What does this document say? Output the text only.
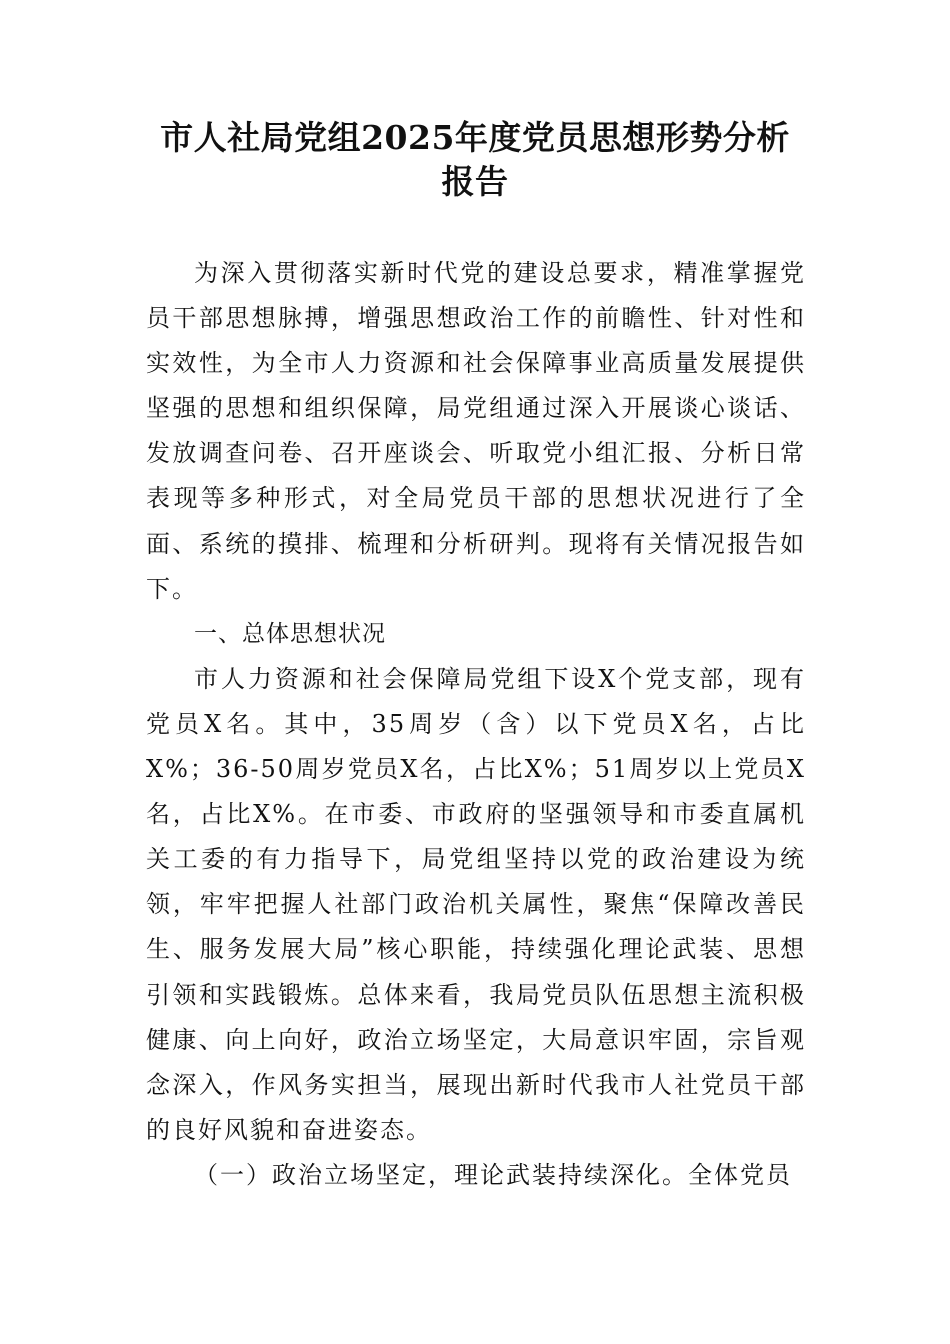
市人社局党组2025年度党员思想形势分析
报告

为深入贯彻落实新时代党的建设总要求，精准掌握党员干部思想脉搏，增强思想政治工作的前瞻性、针对性和实效性，为全市人力资源和社会保障事业高质量发展提供坚强的思想和组织保障，局党组通过深入开展谈心谈话、发放调查问卷、召开座谈会、听取党小组汇报、分析日常表现等多种形式，对全局党员干部的思想状况进行了全面、系统的摸排、梳理和分析研判。现将有关情况报告如下。

一、总体思想状况

市人力资源和社会保障局党组下设X个党支部，现有党员X名。其中，35周岁（含）以下党员X名，占比X%；36-50周岁党员X名，占比X%；51周岁以上党员X名，占比X%。在市委、市政府的坚强领导和市委直属机关工委的有力指导下，局党组坚持以党的政治建设为统领，牢牢把握人社部门政治机关属性，聚焦“保障改善民生、服务发展大局”核心职能，持续强化理论武装、思想引领和实践锻炼。总体来看，我局党员队伍思想主流积极健康、向上向好，政治立场坚定，大局意识牢固，宗旨观念深入，作风务实担当，展现出新时代我市人社党员干部的良好风貌和奋进姿态。

（一）政治立场坚定，理论武装持续深化。全体党员
